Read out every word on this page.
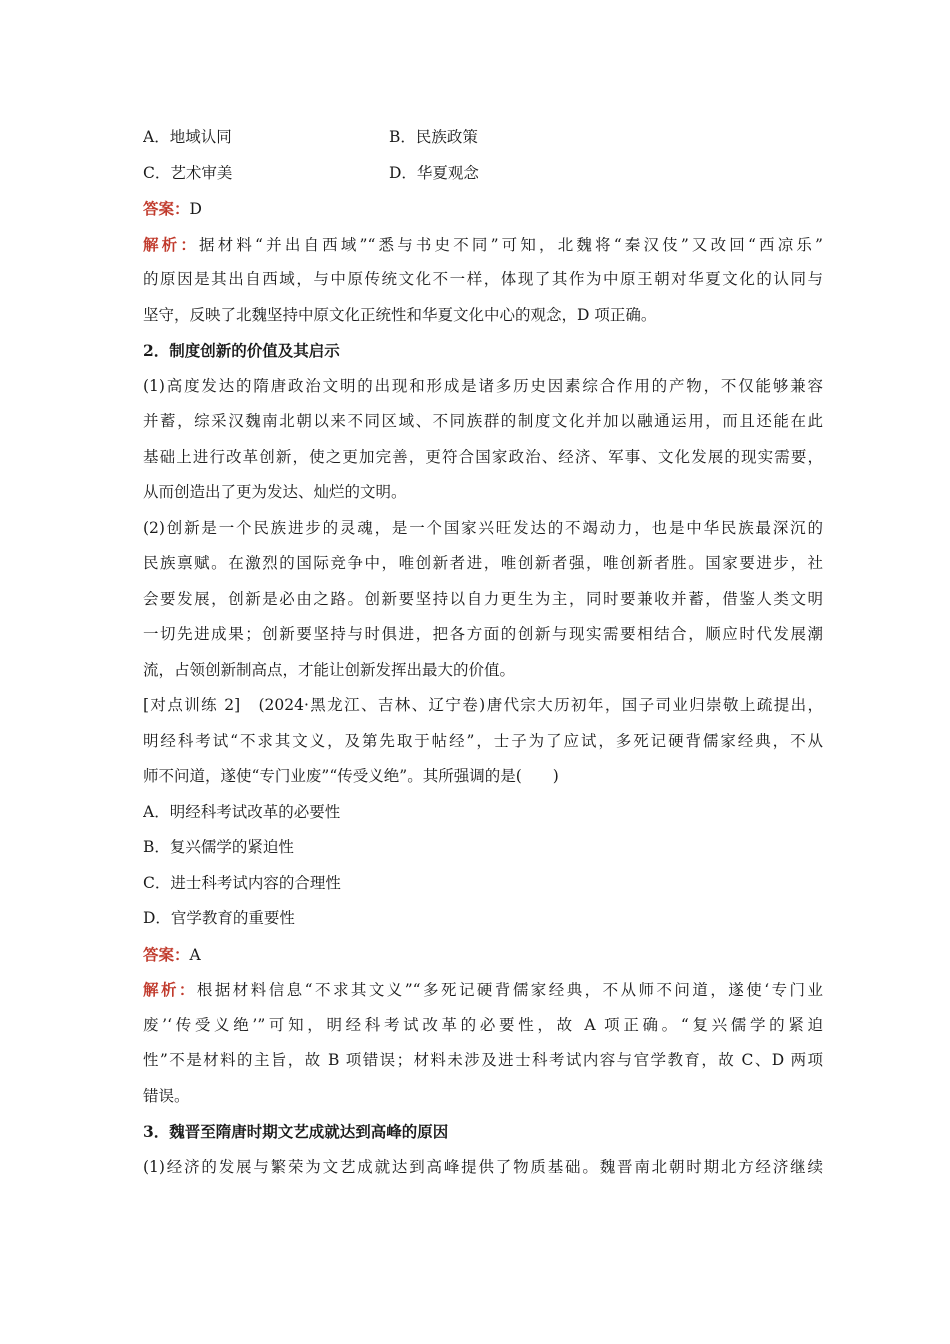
A．地域认同	B．民族政策
C．艺术审美	D．华夏观念
答案：D
解析：据材料“并出自西域”“悉与书史不同”可知，北魏将“秦汉伎”又改回“西凉乐”
的原因是其出自西域，与中原传统文化不一样，体现了其作为中原王朝对华夏文化的认同与
坚守，反映了北魏坚持中原文化正统性和华夏文化中心的观念，D 项正确。
2．制度创新的价值及其启示
(1)高度发达的隋唐政治文明的出现和形成是诸多历史因素综合作用的产物，不仅能够兼容
并蓄，综采汉魏南北朝以来不同区域、不同族群的制度文化并加以融通运用，而且还能在此
基础上进行改革创新，使之更加完善，更符合国家政治、经济、军事、文化发展的现实需要，
从而创造出了更为发达、灿烂的文明。
(2)创新是一个民族进步的灵魂，是一个国家兴旺发达的不竭动力，也是中华民族最深沉的
民族禀赋。在激烈的国际竞争中，唯创新者进，唯创新者强，唯创新者胜。国家要进步，社
会要发展，创新是必由之路。创新要坚持以自力更生为主，同时要兼收并蓄，借鉴人类文明
一切先进成果；创新要坚持与时俱进，把各方面的创新与现实需要相结合，顺应时代发展潮
流，占领创新制高点，才能让创新发挥出最大的价值。
[对点训练 2]　(2024·黑龙江、吉林、辽宁卷)唐代宗大历初年，国子司业归崇敬上疏提出，
明经科考试“不求其文义，及第先取于帖经”，士子为了应试，多死记硬背儒家经典，不从
师不问道，遂使“专门业废”“传受义绝”。其所强调的是(　　)
A．明经科考试改革的必要性
B．复兴儒学的紧迫性
C．进士科考试内容的合理性
D．官学教育的重要性
答案：A
解析：根据材料信息“不求其文义”“多死记硬背儒家经典，不从师不问道，遂使‘专门业
废’‘传受义绝’”可知，明经科考试改革的必要性，故 A 项正确。“复兴儒学的紧迫
性”不是材料的主旨，故 B 项错误；材料未涉及进士科考试内容与官学教育，故 C、D 两项
错误。
3．魏晋至隋唐时期文艺成就达到高峰的原因
(1)经济的发展与繁荣为文艺成就达到高峰提供了物质基础。魏晋南北朝时期北方经济继续
